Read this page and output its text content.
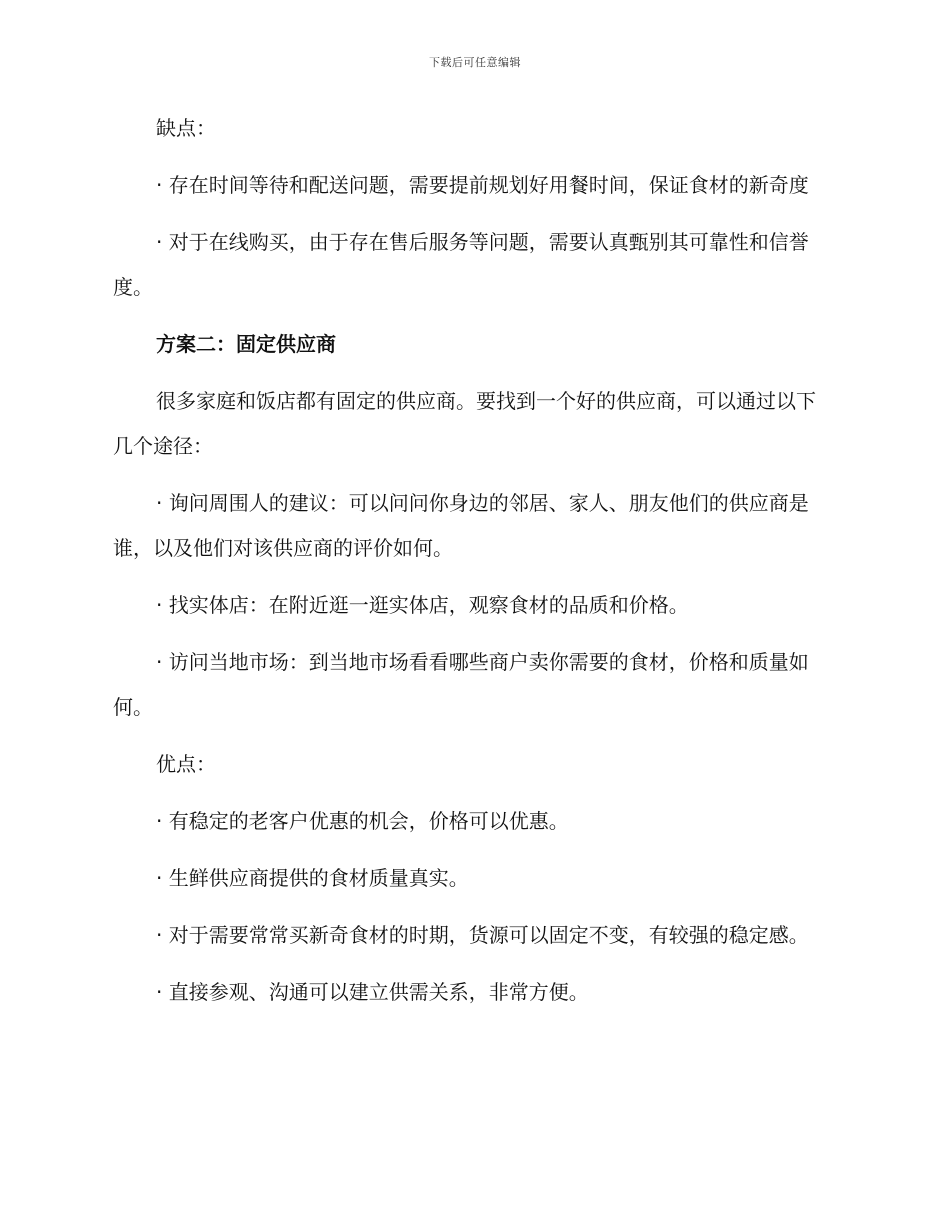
下载后可任意编辑

缺点：

· 存在时间等待和配送问题，需要提前规划好用餐时间，保证食材的新奇度

· 对于在线购买，由于存在售后服务等问题，需要认真甄别其可靠性和信誉度。

方案二：固定供应商

很多家庭和饭店都有固定的供应商。要找到一个好的供应商，可以通过以下几个途径：

· 询问周围人的建议：可以问问你身边的邻居、家人、朋友他们的供应商是谁，以及他们对该供应商的评价如何。

· 找实体店：在附近逛一逛实体店，观察食材的品质和价格。

· 访问当地市场：到当地市场看看哪些商户卖你需要的食材，价格和质量如何。

优点：

· 有稳定的老客户优惠的机会，价格可以优惠。

· 生鲜供应商提供的食材质量真实。

· 对于需要常常买新奇食材的时期，货源可以固定不变，有较强的稳定感。

· 直接参观、沟通可以建立供需关系，非常方便。
